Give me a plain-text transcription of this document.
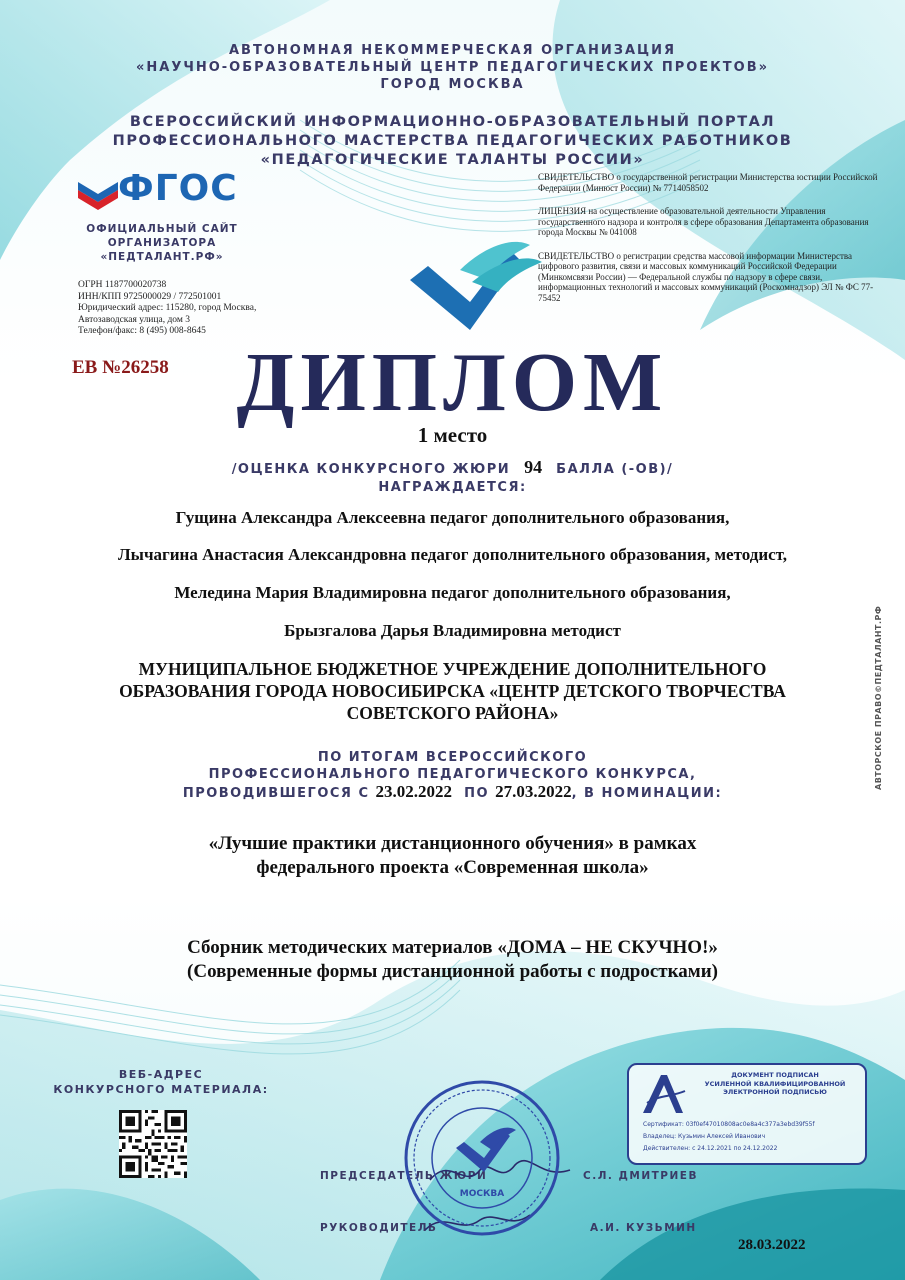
АВТОНОМНАЯ НЕКОММЕРЧЕСКАЯ ОРГАНИЗАЦИЯ
«НАУЧНО-ОБРАЗОВАТЕЛЬНЫЙ ЦЕНТР ПЕДАГОГИЧЕСКИХ ПРОЕКТОВ»
ГОРОД МОСКВА
ВСЕРОССИЙСКИЙ ИНФОРМАЦИОННО-ОБРАЗОВАТЕЛЬНЫЙ ПОРТАЛ
ПРОФЕССИОНАЛЬНОГО МАСТЕРСТВА ПЕДАГОГИЧЕСКИХ РАБОТНИКОВ
«ПЕДАГОГИЧЕСКИЕ ТАЛАНТЫ РОССИИ»
ФГОС
ОФИЦИАЛЬНЫЙ САЙТ
ОРГАНИЗАТОРА
«ПЕДТАЛАНТ.РФ»
ОГРН 1187700020738
ИНН/КПП 9725000029 / 772501001
Юридический адрес: 115280, город Москва,
Автозаводская улица, дом 3
Телефон/факс: 8 (495) 008-8645

СВИДЕТЕЛЬСТВО о государственной регистрации Министерства юстиции Российской Федерации (Минюст России) № 7714058502

ЛИЦЕНЗИЯ на осуществление образовательной деятельности Управления государственного надзора и контроля в сфере образования Департамента образования города Москвы № 041008

СВИДЕТЕЛЬСТВО о регистрации средства массовой информации Министерства цифрового развития, связи и массовых коммуникаций Российской Федерации (Минкомсвязи России) — Федеральной службы по надзору в сфере связи, информационных технологий и массовых коммуникаций (Роскомнадзор) ЭЛ № ФС 77-75452

ЕВ №26258 ДИПЛОМ
1 место
/ОЦЕНКА КОНКУРСНОГО ЖЮРИ 94 БАЛЛА (-ОВ)/
НАГРАЖДАЕТСЯ:
Гущина Александра Алексеевна педагог дополнительного образования,
Лычагина Анастасия Александровна педагог дополнительного образования, методист,
Меледина Мария Владимировна педагог дополнительного образования,
Брызгалова Дарья Владимировна методист
МУНИЦИПАЛЬНОЕ БЮДЖЕТНОЕ УЧРЕЖДЕНИЕ ДОПОЛНИТЕЛЬНОГО
ОБРАЗОВАНИЯ ГОРОДА НОВОСИБИРСКА «ЦЕНТР ДЕТСКОГО ТВОРЧЕСТВА
СОВЕТСКОГО РАЙОНА»
ПО ИТОГАМ ВСЕРОССИЙСКОГО
ПРОФЕССИОНАЛЬНОГО ПЕДАГОГИЧЕСКОГО КОНКУРСА,
ПРОВОДИВШЕГОСЯ С 23.02.2022 ПО 27.03.2022, В НОМИНАЦИИ:
«Лучшие практики дистанционного обучения» в рамках
федерального проекта «Современная школа»
Сборник методических материалов «ДОМА – НЕ СКУЧНО!»
(Современные формы дистанционной работы с подростками)
ВЕБ-АДРЕС
КОНКУРСНОГО МАТЕРИАЛА:
ПРЕДСЕДАТЕЛЬ ЖЮРИ	С.Л. ДМИТРИЕВ
РУКОВОДИТЕЛЬ	А.И. КУЗЬМИН
МОСКВА
ДОКУМЕНТ ПОДПИСАН
УСИЛЕННОЙ КВАЛИФИЦИРОВАННОЙ
ЭЛЕКТРОННОЙ ПОДПИСЬЮ
Сертификат: 03f0ef47010808ac0e8a4c377a3ebd39f55f
Владелец: Кузьмин Алексей Иванович
Действителен: с 24.12.2021 по 24.12.2022
28.03.2022
АВТОРСКОЕ ПРАВО©ПЕДТАЛАНТ.РФ
